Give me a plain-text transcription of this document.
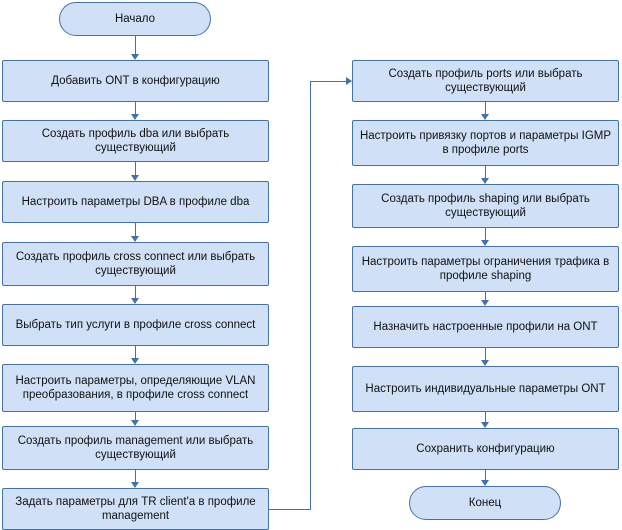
Начало
Добавить ONT в конфигурацию
Создать профиль dba или выбрать существующий
Настроить параметры DBA в профиле dba
Создать профиль cross connect или выбрать существующий
Выбрать тип услуги в профиле cross connect
Настроить параметры, определяющие VLAN преобразования, в профиле cross connect
Создать профиль management или выбрать существующий
Задать параметры для TR client'a в профиле management
Создать профиль ports или выбрать существующий
Настроить привязку портов и параметры IGMP в профиле ports
Создать профиль shaping или выбрать существующий
Настроить параметры ограничения трафика в профиле shaping
Назначить настроенные профили на ONT
Настроить индивидуальные параметры ONT
Сохранить конфигурацию
Конец
